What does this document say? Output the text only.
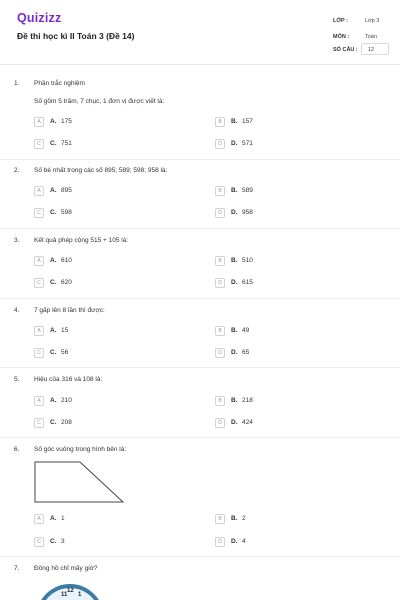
Quizizz
Đề thi học kì II Toán 3 (Đề 14)
LỚP :	Lớp 3
MÔN :	Toán
SỐ CÂU : 12
1. Phần trắc nghiệm
Số gồm 5 trăm, 7 chục, 1 đơn vị được viết là:
A	A. 175	B	B. 157
C	C. 751	D	D. 571
2. Số bé nhất trong các số 895; 589; 598; 958 là:
A	A. 895	B	B. 589
C	C. 598	D	D. 958
3. Kết quả phép cộng 515 + 105 là:
A	A. 610	B	B. 510
C	C. 620	D	D. 615
4. 7 gấp lên 8 lần thì được:
A	A. 15	B	B. 49
C	C. 56	D	D. 65
5. Hiệu của 316 và 108 là:
A	A. 210	B	B. 218
C	C. 208	D	D. 424
6. Số góc vuông trong hình bên là:
A	A. 1	B	B. 2
C	C. 3	D	D. 4
7. Đồng hồ chỉ mấy giờ?
11
12
1
